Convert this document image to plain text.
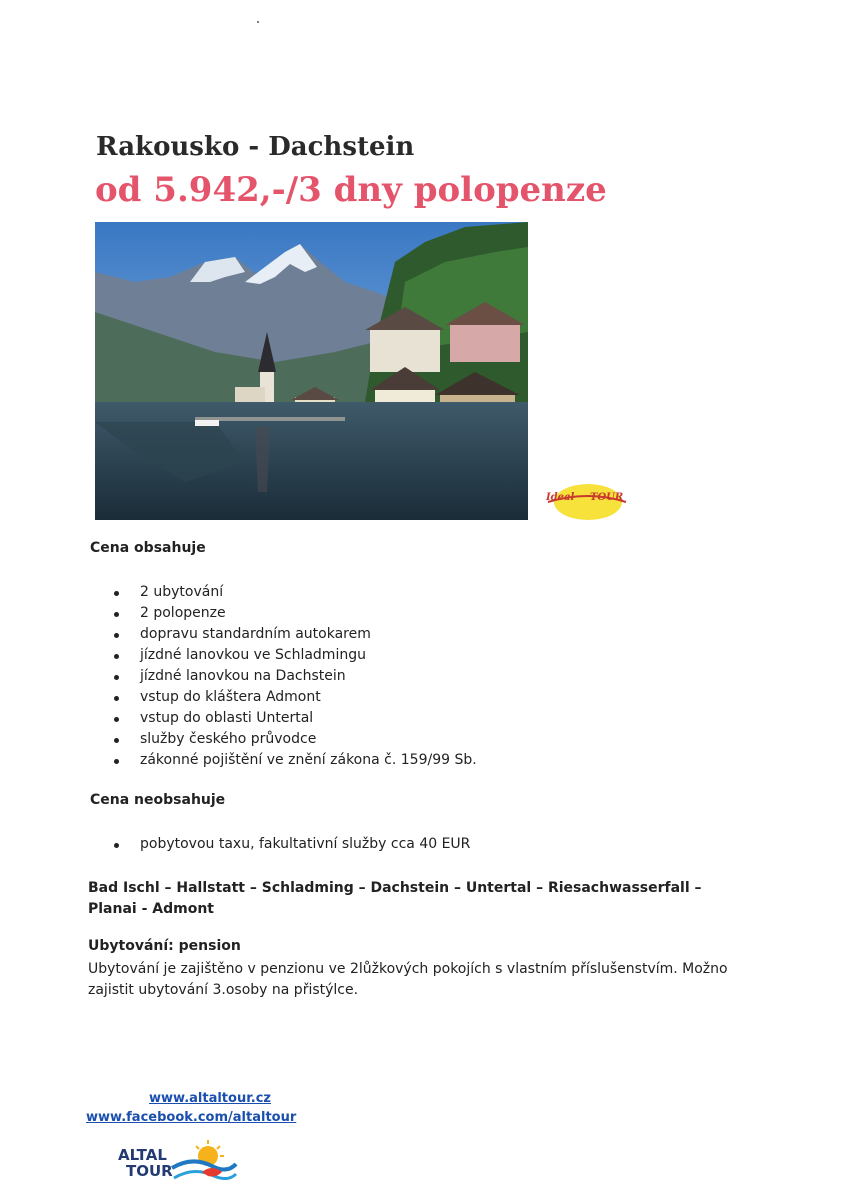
Rakousko - Dachstein
od 5.942,-/3 dny polopenze
Ideal TOUR
Cena obsahuje
2 ubytování
2 polopenze
dopravu standardním autokarem
jízdné lanovkou ve Schladmingu
jízdné lanovkou na Dachstein
vstup do kláštera Admont
vstup do oblasti Untertal
služby českého průvodce
zákonné pojištění ve znění zákona č. 159/99 Sb.
Cena neobsahuje
pobytovou taxu, fakultativní služby cca 40 EUR
Bad Ischl – Hallstatt – Schladming – Dachstein – Untertal – Riesachwasserfall – Planai - Admont
Ubytování: pension
Ubytování je zajištěno v penzionu ve 2lůžkových pokojích s vlastním příslušenstvím. Možno zajistit ubytování 3.osoby na přistýlce.
www.altaltour.cz
www.facebook.com/altaltour
ALTAL
TOUR
